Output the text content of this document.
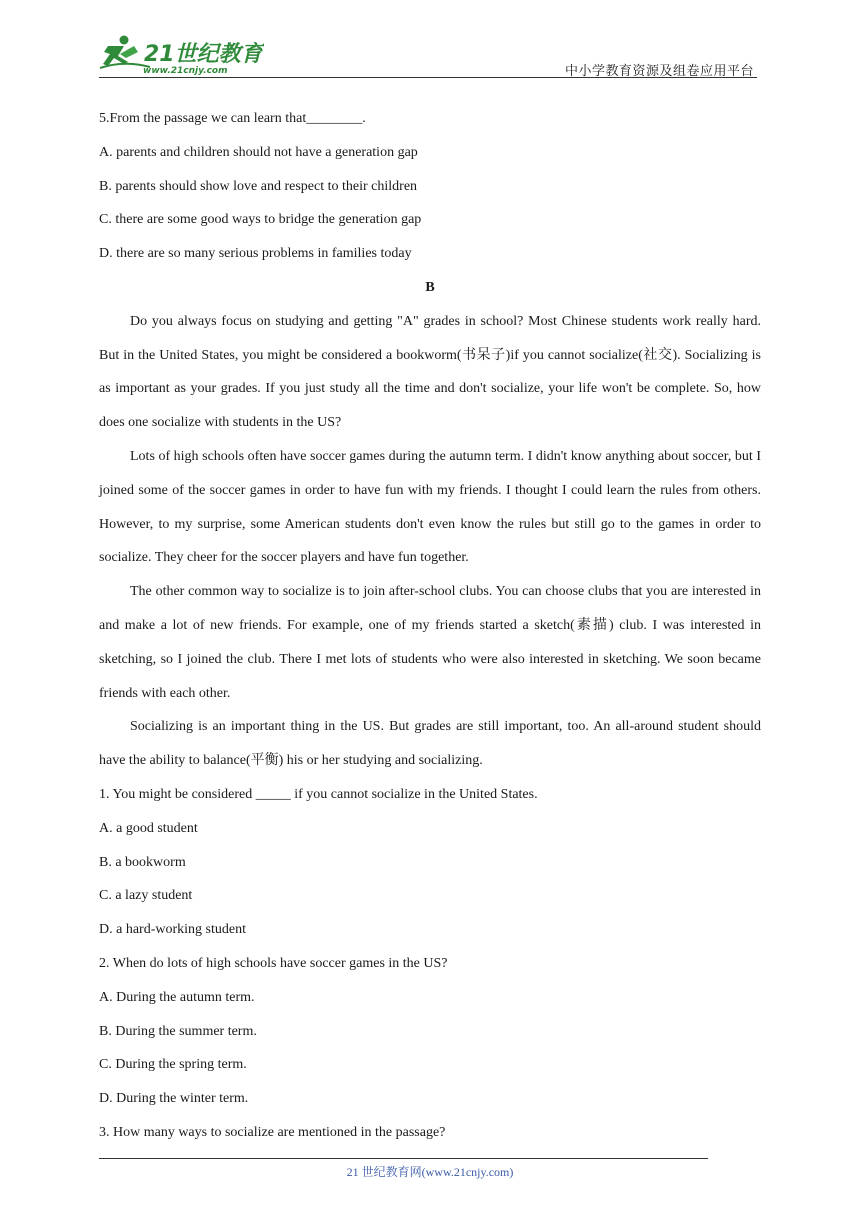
21世纪教育
www.21cnjy.com	中小学教育资源及组卷应用平台

5.From the passage we can learn that________.

A. parents and children should not have a generation gap

B. parents should show love and respect to their children

C. there are some good ways to bridge the generation gap

D. there are so many serious problems in families today

B

Do you always focus on studying and getting "A" grades in school? Most Chinese students work really hard. But in the United States, you might be considered a bookworm(书呆子)if you cannot socialize(社交). Socializing is as important as your grades. If you just study all the time and don't socialize, your life won't be complete. So, how does one socialize with students in the US?

Lots of high schools often have soccer games during the autumn term. I didn't know anything about soccer, but I joined some of the soccer games in order to have fun with my friends. I thought I could learn the rules from others. However, to my surprise, some American students don't even know the rules but still go to the games in order to socialize. They cheer for the soccer players and have fun together.

The other common way to socialize is to join after-school clubs. You can choose clubs that you are interested in and make a lot of new friends. For example, one of my friends started a sketch(素描) club. I was interested in sketching, so I joined the club. There I met lots of students who were also interested in sketching. We soon became friends with each other.

Socializing is an important thing in the US. But grades are still important, too. An all-around student should have the ability to balance(平衡) his or her studying and socializing.

1. You might be considered _____ if you cannot socialize in the United States.

A. a good student

B. a bookworm

C. a lazy student

D. a hard-working student

2. When do lots of high schools have soccer games in the US?

A. During the autumn term.

B. During the summer term.

C. During the spring term.

D. During the winter term.

3. How many ways to socialize are mentioned in the passage?

21 世纪教育网(www.21cnjy.com)
